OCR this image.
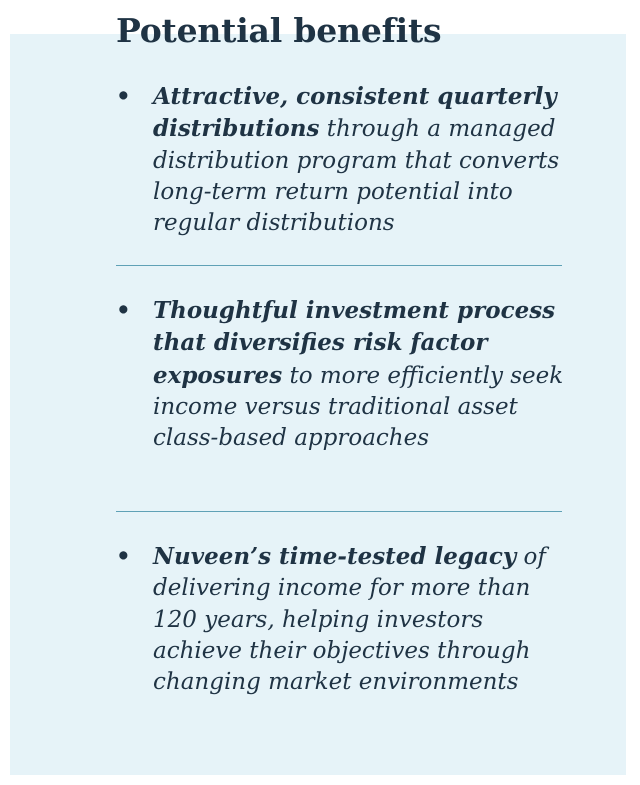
Potential benefits
• Attractive, consistent quarterly distributions through a managed distribution program that converts long-term return potential into regular distributions
• Thoughtful investment process that diversifies risk factor exposures to more efficiently seek income versus traditional asset class-based approaches
• Nuveen’s time-tested legacy of delivering income for more than 120 years, helping investors achieve their objectives through changing market environments
